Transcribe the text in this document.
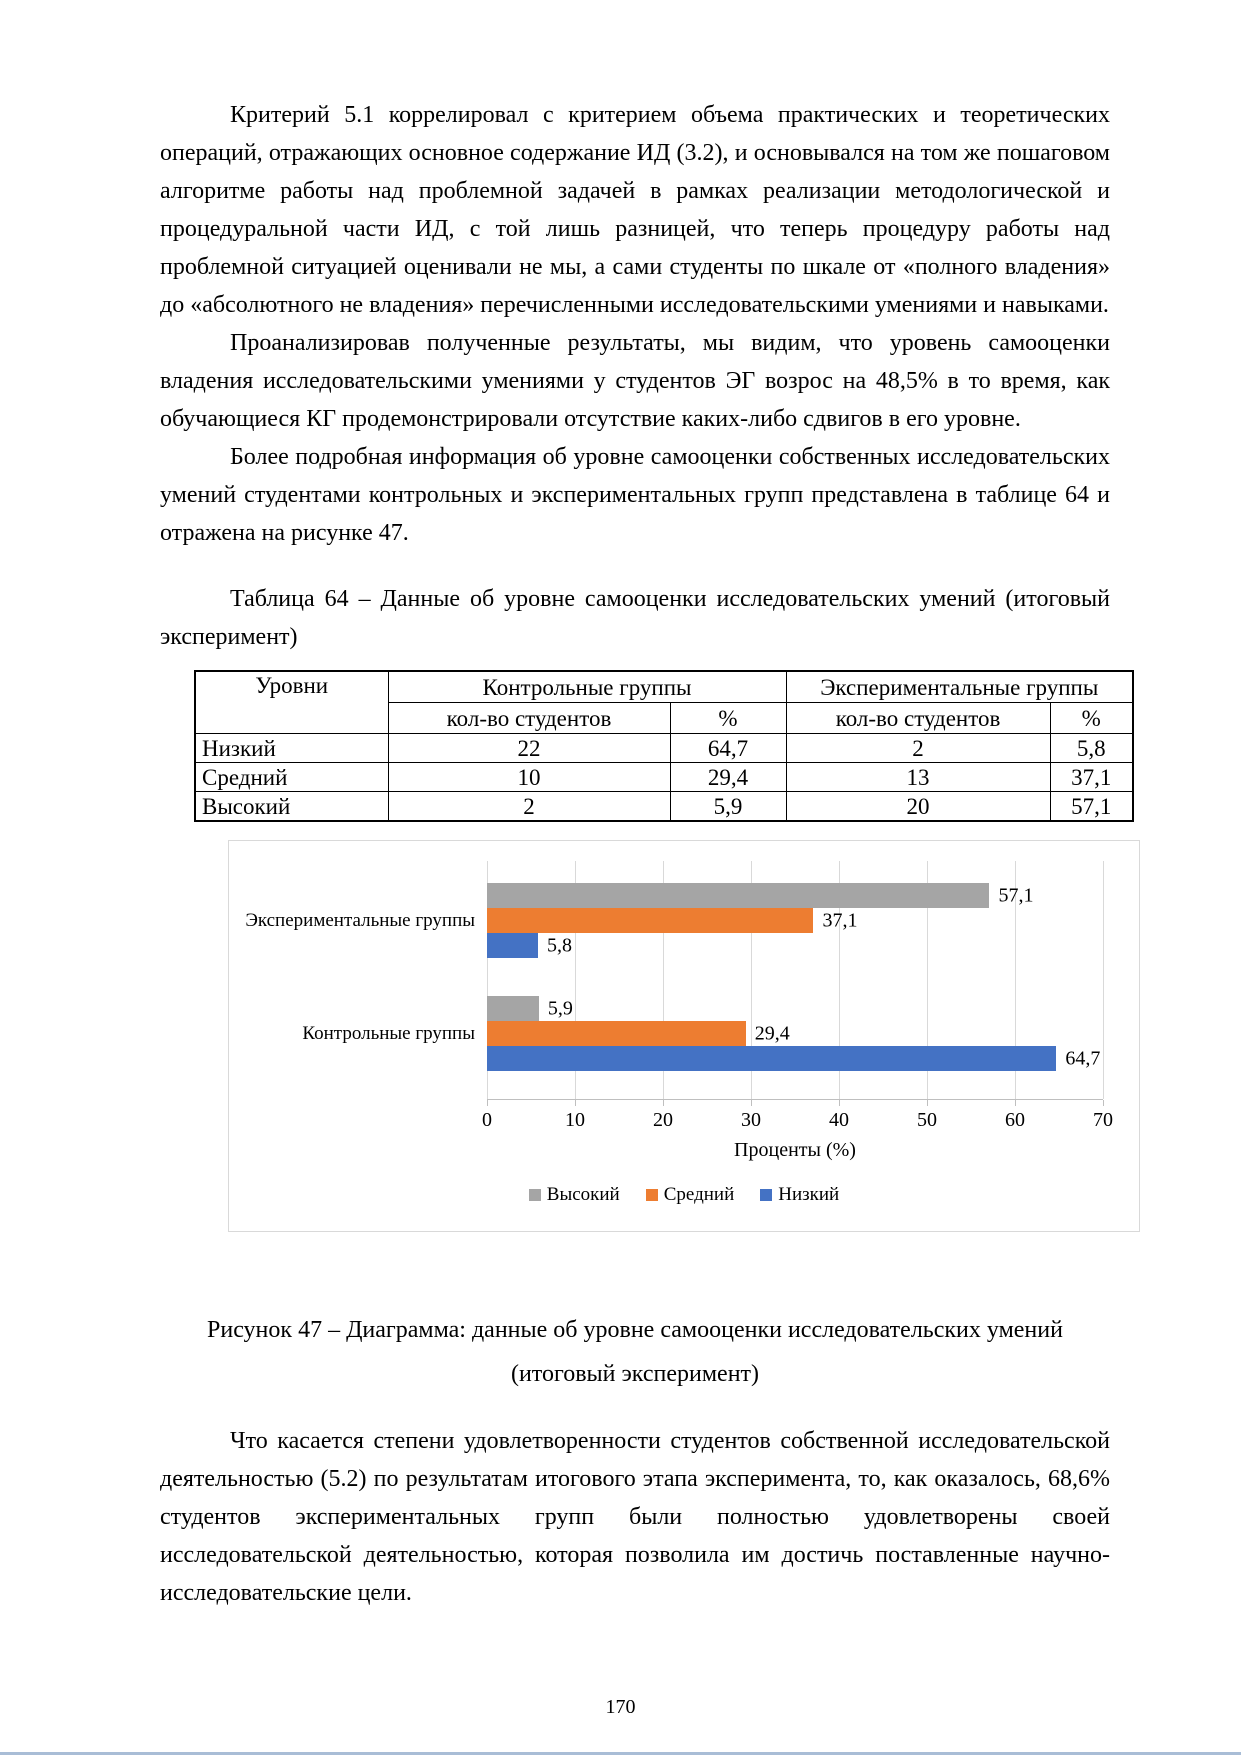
Критерий 5.1 коррелировал с критерием объема практических и теоретических операций, отражающих основное содержание ИД (3.2), и основывался на том же пошаговом алгоритме работы над проблемной задачей в рамках реализации методологической и процедуральной части ИД, с той лишь разницей, что теперь процедуру работы над проблемной ситуацией оценивали не мы, а сами студенты по шкале от «полного владения» до «абсолютного не владения» перечисленными исследовательскими умениями и навыками.

Проанализировав полученные результаты, мы видим, что уровень самооценки владения исследовательскими умениями у студентов ЭГ возрос на 48,5% в то время, как обучающиеся КГ продемонстрировали отсутствие каких-либо сдвигов в его уровне.

Более подробная информация об уровне самооценки собственных исследовательских умений студентами контрольных и экспериментальных групп представлена в таблице 64 и отражена на рисунке 47.

Таблица 64 – Данные об уровне самооценки исследовательских умений (итоговый эксперимент)

Уровни	Контрольные группы		Экспериментальные группы	
	кол-во студентов	%	кол-во студентов	%
Низкий	22	64,7	2	5,8
Средний	10	29,4	13	37,1
Высокий	2	5,9	20	57,1
Экспериментальные группы
Контрольные группы
57,1
37,1
5,8
5,9
29,4
64,7
0	10	20	30	40	50	60	70
Проценты (%)
Высокий Средний Низкий

Рисунок 47 – Диаграмма: данные об уровне самооценки исследовательских умений (итоговый эксперимент)

Что касается степени удовлетворенности студентов собственной исследовательской деятельностью (5.2) по результатам итогового этапа эксперимента, то, как оказалось, 68,6% студентов экспериментальных групп были полностью удовлетворены своей исследовательской деятельностью, которая позволила им достичь поставленные научно-исследовательские цели.

170
